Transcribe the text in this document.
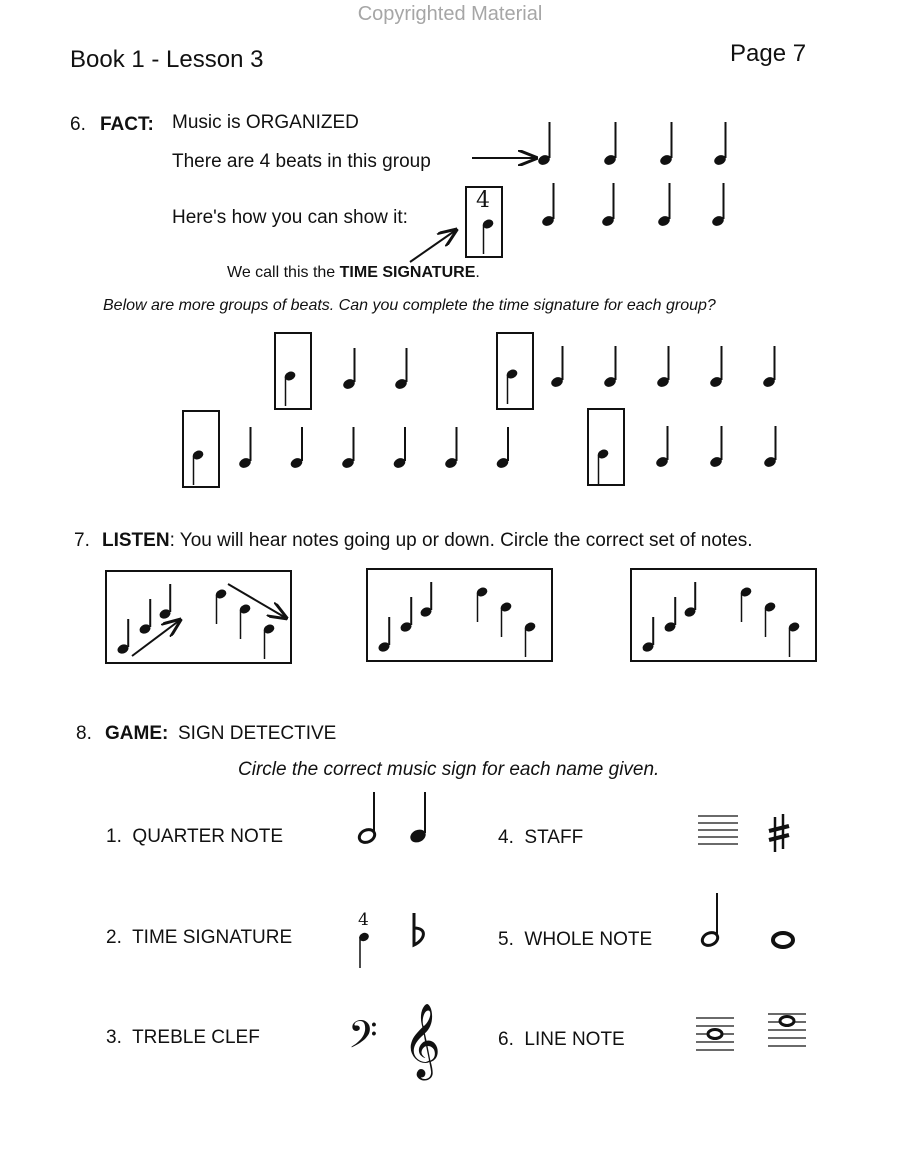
Copyrighted Material
Book 1 - Lesson 3	Page 7
6. FACT: Music is ORGANIZED
There are 4 beats in this group
Here's how you can show it:
4
We call this the TIME SIGNATURE.
Below are more groups of beats. Can you complete the time signature for each group?
7. LISTEN: You will hear notes going up or down. Circle the correct set of notes.
8. GAME: SIGN DETECTIVE
Circle the correct music sign for each name given.
1. QUARTER NOTE
2. TIME SIGNATURE
3. TREBLE CLEF
4. STAFF
5. WHOLE NOTE
6. LINE NOTE
4
𝄢 𝄞
